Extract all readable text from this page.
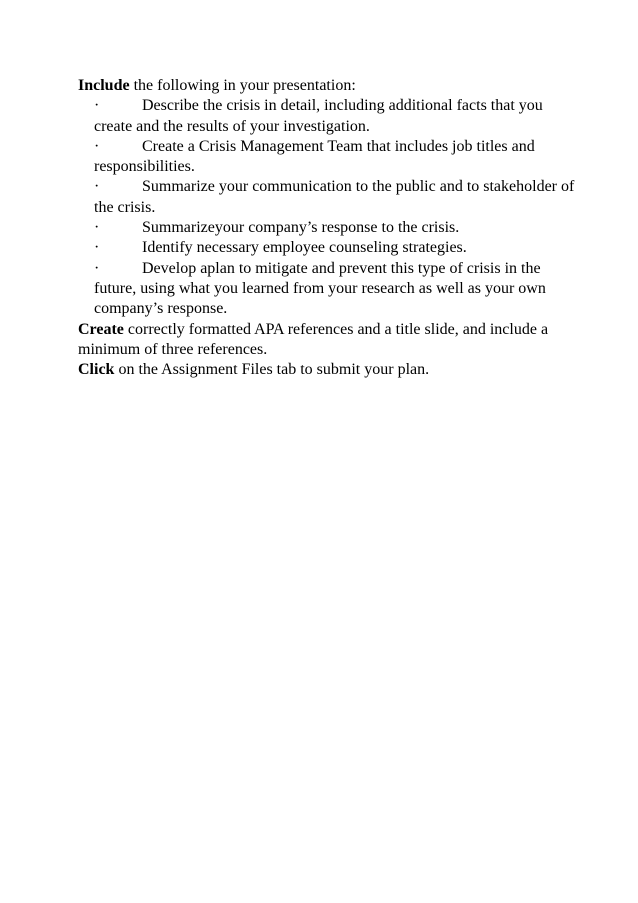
Include the following in your presentation:

·	Describe the crisis in detail, including additional facts that you create and the results of your investigation.
·	Create a Crisis Management Team that includes job titles and responsibilities.
·	Summarize your communication to the public and to stakeholder of the crisis.
·	Summarizeyour company’s response to the crisis.
·	Identify necessary employee counseling strategies.
·	Develop aplan to mitigate and prevent this type of crisis in the future, using what you learned from your research as well as your own company’s response.

Create correctly formatted APA references and a title slide, and include a minimum of three references.

Click on the Assignment Files tab to submit your plan.
